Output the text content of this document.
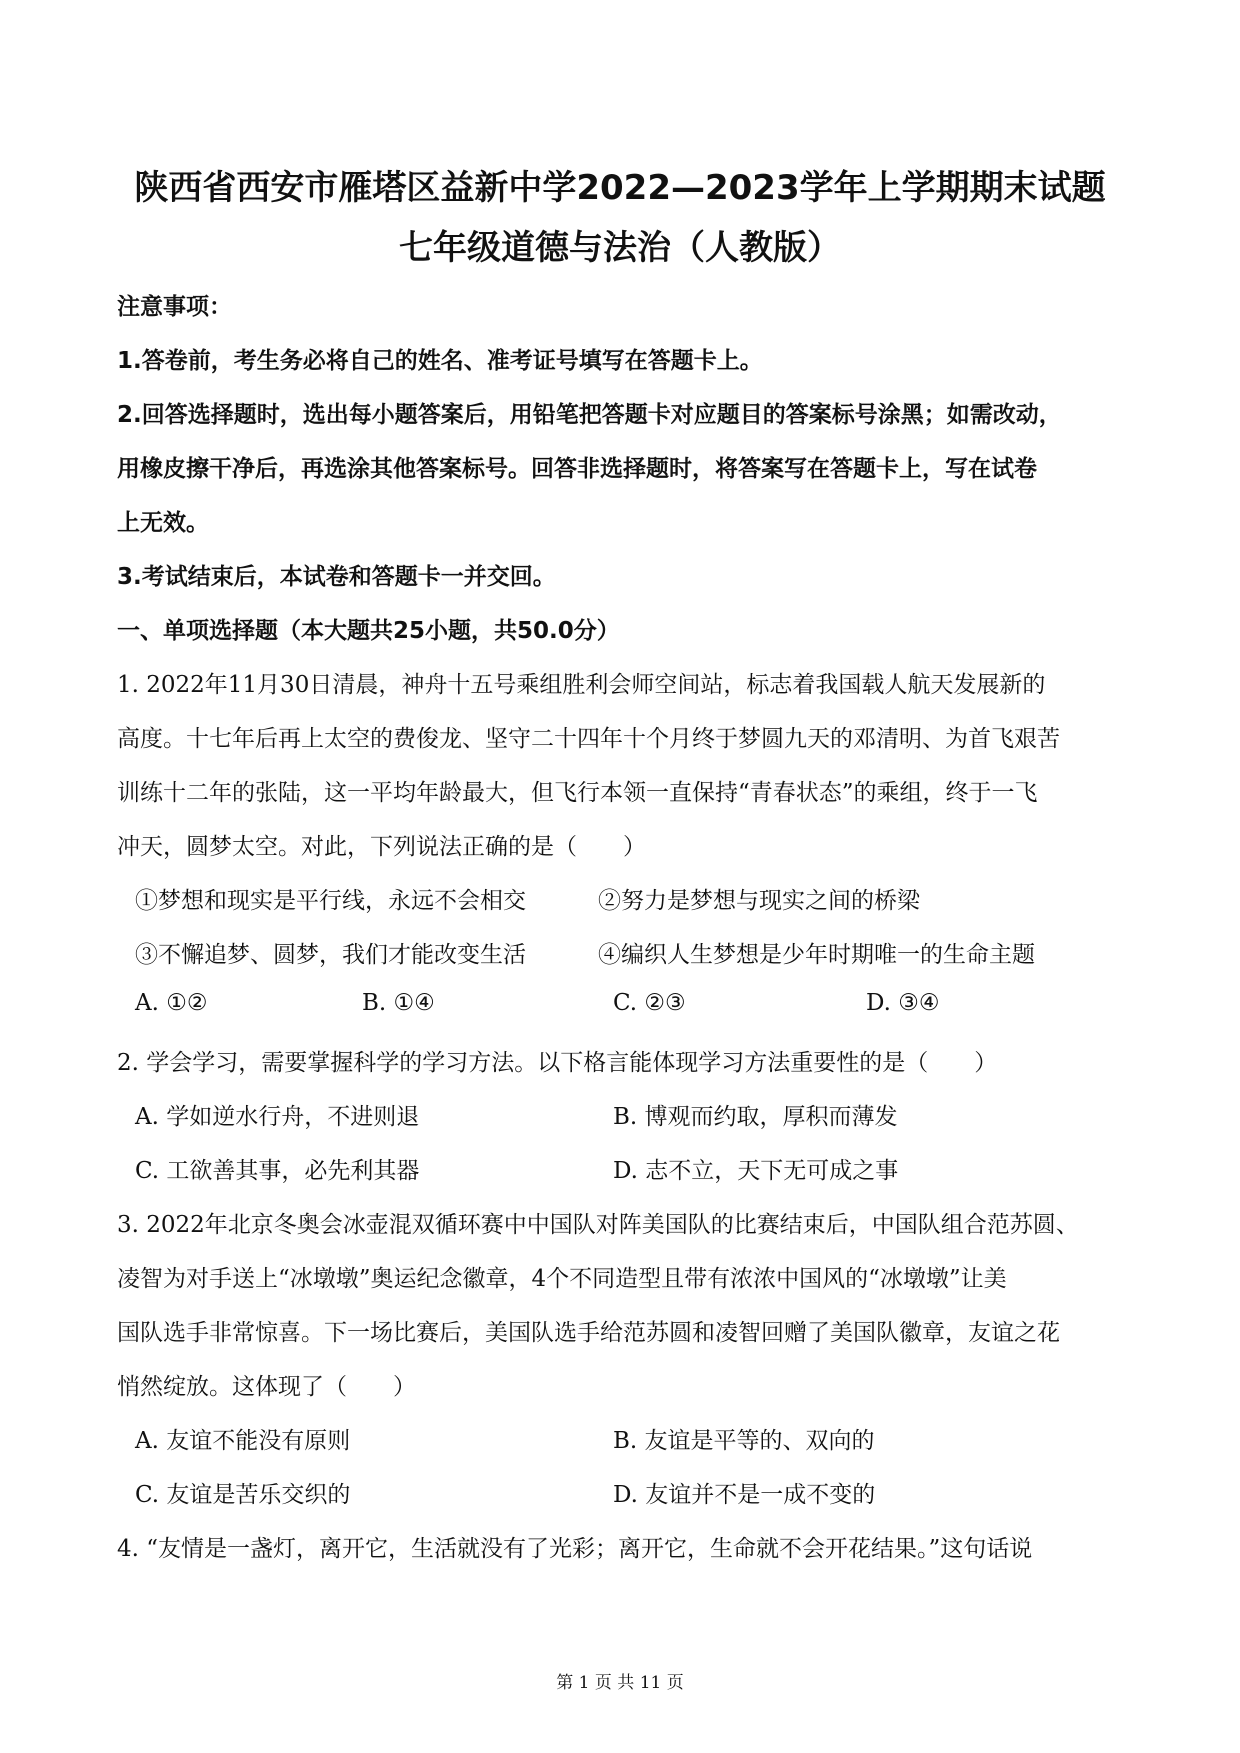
陕西省西安市雁塔区益新中学2022—2023学年上学期期末试题
七年级道德与法治（人教版）
注意事项：
1.答卷前，考生务必将自己的姓名、准考证号填写在答题卡上。
2.回答选择题时，选出每小题答案后，用铅笔把答题卡对应题目的答案标号涂黑；如需改动，
用橡皮擦干净后，再选涂其他答案标号。回答非选择题时，将答案写在答题卡上，写在试卷
上无效。
3.考试结束后，本试卷和答题卡一并交回。
一、单项选择题（本大题共25小题，共50.0分）
1. 2022年11月30日清晨，神舟十五号乘组胜利会师空间站，标志着我国载人航天发展新的
高度。十七年后再上太空的费俊龙、坚守二十四年十个月终于梦圆九天的邓清明、为首飞艰苦
训练十二年的张陆，这一平均年龄最大，但飞行本领一直保持“青春状态”的乘组，终于一飞
冲天，圆梦太空。对此，下列说法正确的是（　　）
①梦想和现实是平行线，永远不会相交	②努力是梦想与现实之间的桥梁
③不懈追梦、圆梦，我们才能改变生活	④编织人生梦想是少年时期唯一的生命主题
A. ①②	B. ①④	C. ②③	D. ③④
2. 学会学习，需要掌握科学的学习方法。以下格言能体现学习方法重要性的是（　　）
A. 学如逆水行舟，不进则退	B. 博观而约取，厚积而薄发
C. 工欲善其事，必先利其器	D. 志不立，天下无可成之事
3. 2022年北京冬奥会冰壶混双循环赛中中国队对阵美国队的比赛结束后，中国队组合范苏圆、
凌智为对手送上“冰墩墩”奥运纪念徽章，4个不同造型且带有浓浓中国风的“冰墩墩”让美
国队选手非常惊喜。下一场比赛后，美国队选手给范苏圆和凌智回赠了美国队徽章，友谊之花
悄然绽放。这体现了（　　）
A. 友谊不能没有原则	B. 友谊是平等的、双向的
C. 友谊是苦乐交织的	D. 友谊并不是一成不变的
4. “友情是一盏灯，离开它，生活就没有了光彩；离开它，生命就不会开花结果。”这句话说
第 1 页 共 11 页
